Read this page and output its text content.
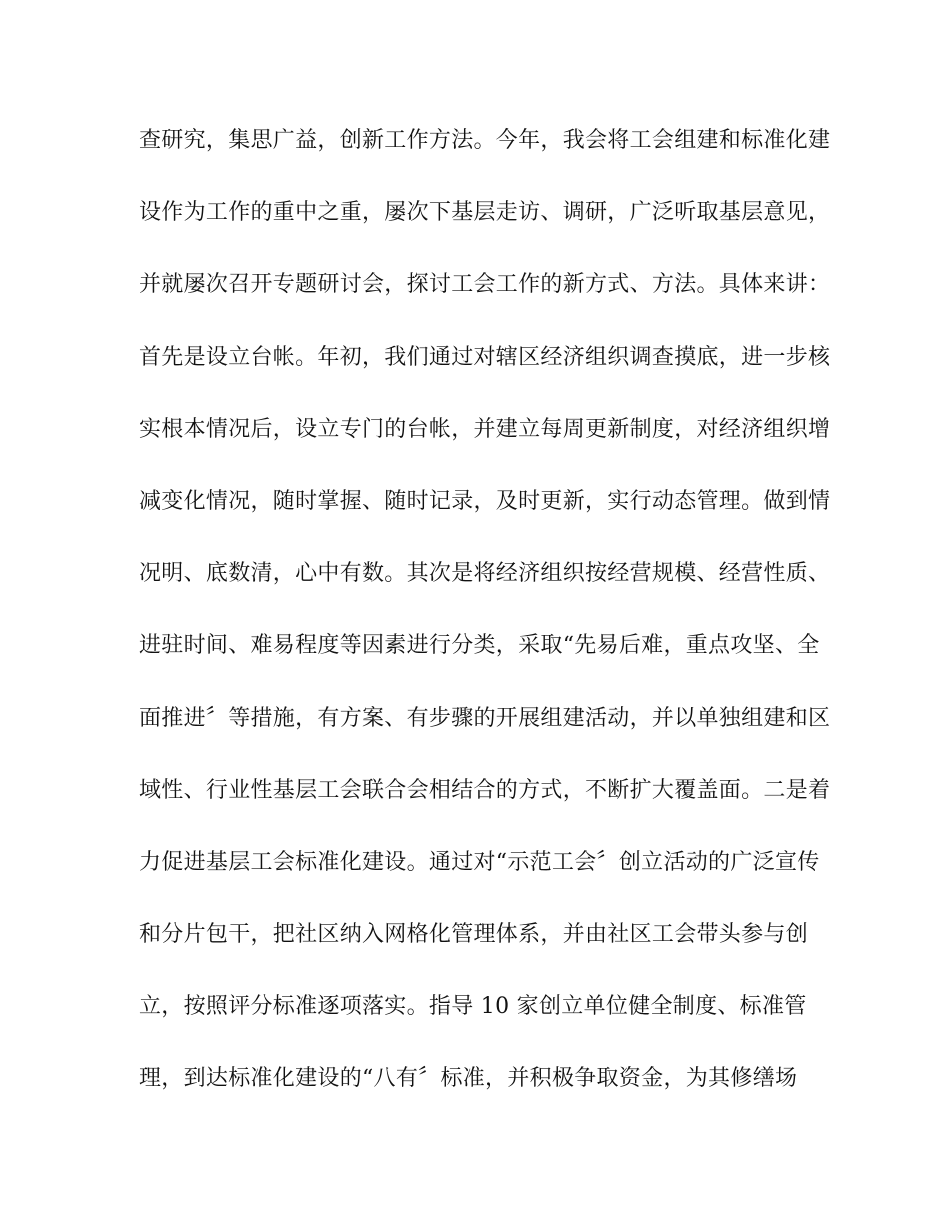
查研究，集思广益，创新工作方法。今年，我会将工会组建和标准化建
设作为工作的重中之重，屡次下基层走访、调研，广泛听取基层意见，
并就屡次召开专题研讨会，探讨工会工作的新方式、方法。具体来讲：
首先是设立台帐。年初，我们通过对辖区经济组织调查摸底，进一步核
实根本情况后，设立专门的台帐，并建立每周更新制度，对经济组织增
减变化情况，随时掌握、随时记录，及时更新，实行动态管理。做到情
况明、底数清，心中有数。其次是将经济组织按经营规模、经营性质、
进驻时间、难易程度等因素进行分类，采取“先易后难，重点攻坚、全
面推进〞等措施，有方案、有步骤的开展组建活动，并以单独组建和区
域性、行业性基层工会联合会相结合的方式，不断扩大覆盖面。二是着
力促进基层工会标准化建设。通过对“示范工会〞创立活动的广泛宣传
和分片包干，把社区纳入网格化管理体系，并由社区工会带头参与创
立，按照评分标准逐项落实。指导 10 家创立单位健全制度、标准管
理，到达标准化建设的“八有〞标准，并积极争取资金，为其修缮场
